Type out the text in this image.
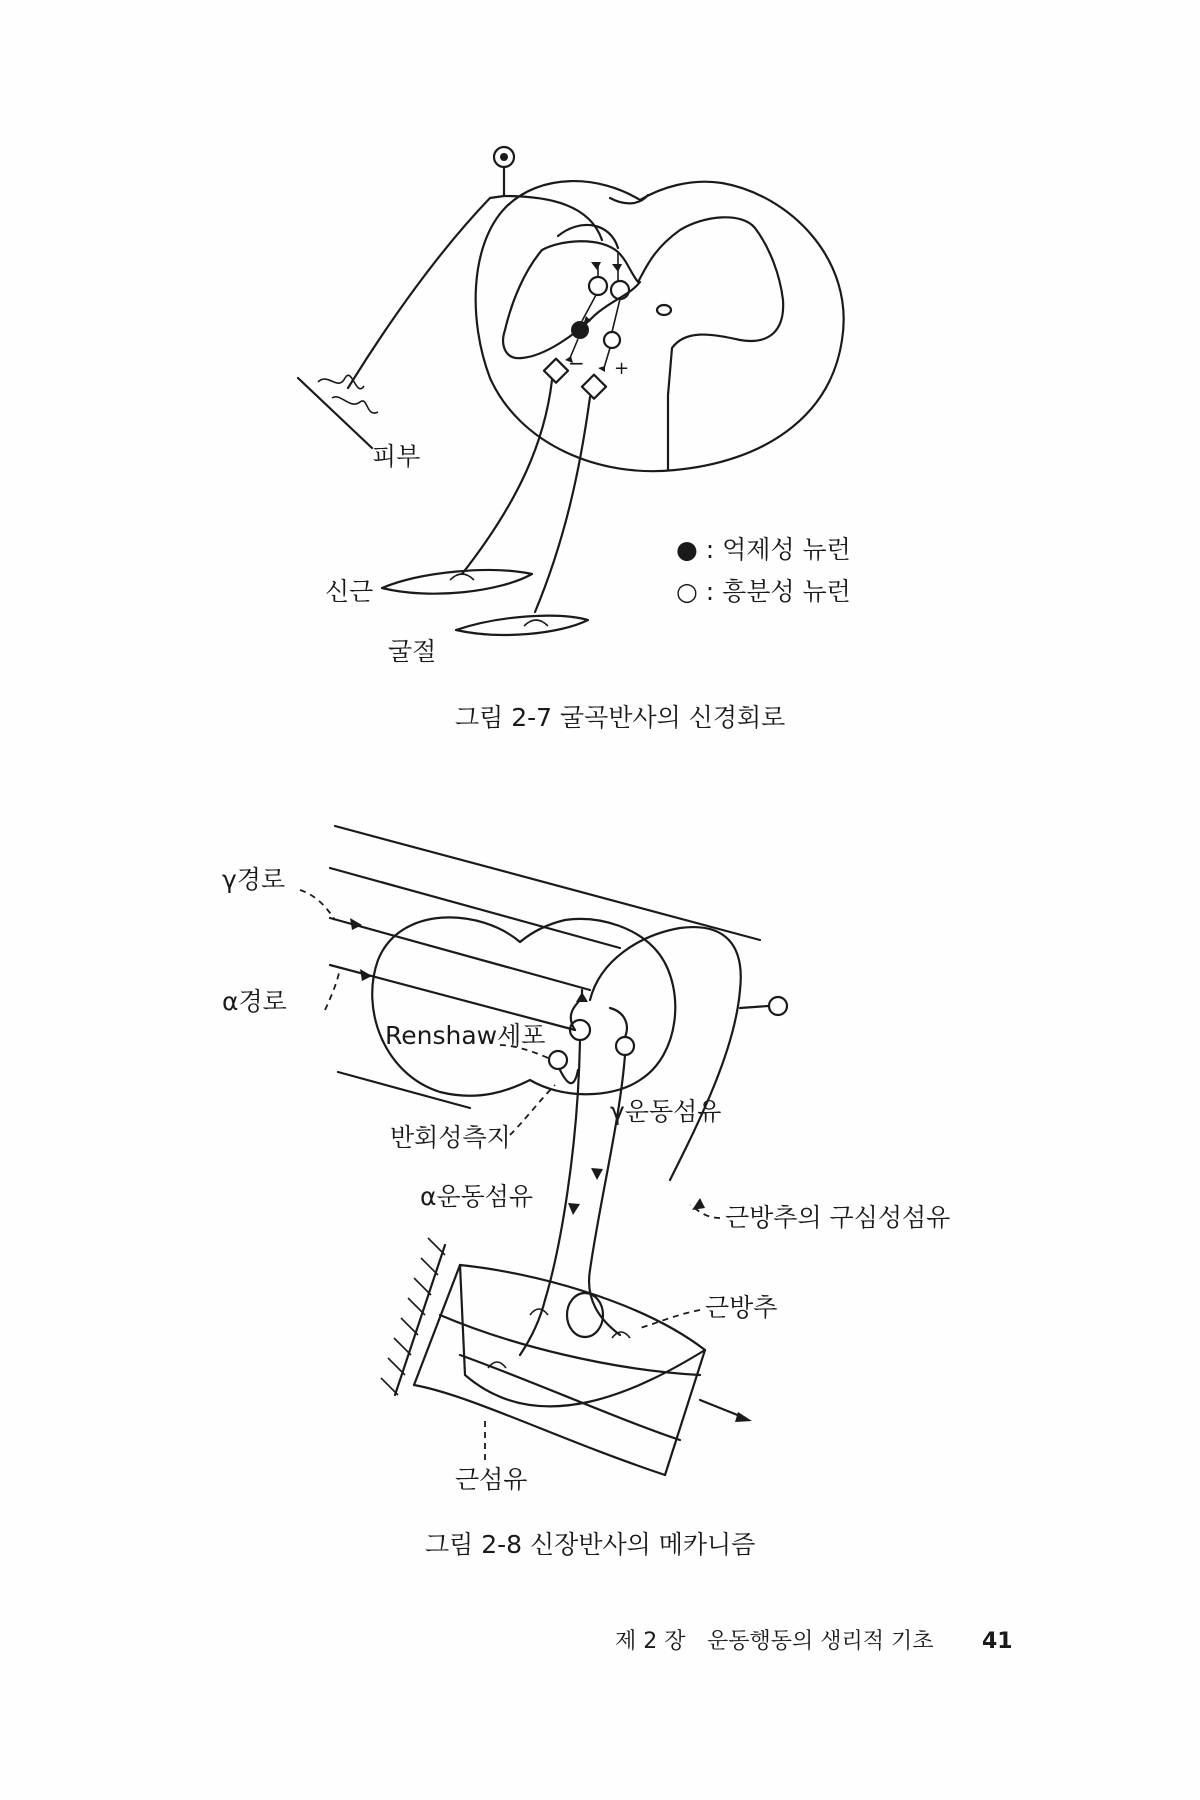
− +
피부
신근
굴절
● : 억제성 뉴런
○ : 흥분성 뉴런
그림 2-7 굴곡반사의 신경회로
γ경로
α경로
Renshaw세포
반회성측지
γ운동섬유
α운동섬유
근방추의 구심성섬유
근방추
근섬유
그림 2-8 신장반사의 메카니즘
제 2 장 운동행동의 생리적 기초 41
